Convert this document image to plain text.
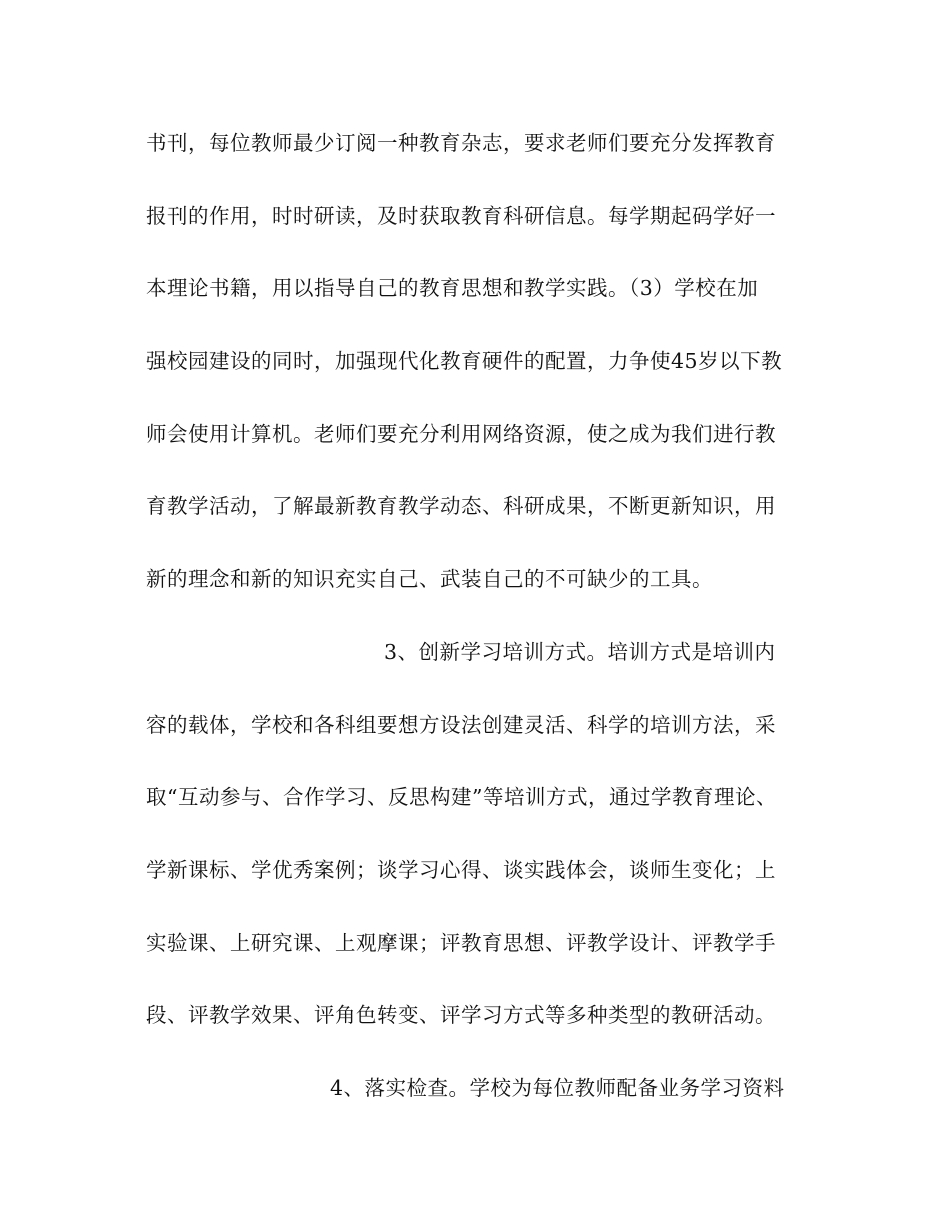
书刊，每位教师最少订阅一种教育杂志，要求老师们要充分发挥教育
报刊的作用，时时研读，及时获取教育科研信息。每学期起码学好一
本理论书籍，用以指导自己的教育思想和教学实践。（3）学校在加
强校园建设的同时，加强现代化教育硬件的配置，力争使45岁以下教
师会使用计算机。老师们要充分利用网络资源，使之成为我们进行教
育教学活动，了解最新教育教学动态、科研成果，不断更新知识，用
新的理念和新的知识充实自己、武装自己的不可缺少的工具。
3、创新学习培训方式。培训方式是培训内
容的载体，学校和各科组要想方设法创建灵活、科学的培训方法，采
取“互动参与、合作学习、反思构建”等培训方式，通过学教育理论、
学新课标、学优秀案例；谈学习心得、谈实践体会，谈师生变化；上
实验课、上研究课、上观摩课；评教育思想、评教学设计、评教学手
段、评教学效果、评角色转变、评学习方式等多种类型的教研活动。
4、落实检查。学校为每位教师配备业务学习资料
